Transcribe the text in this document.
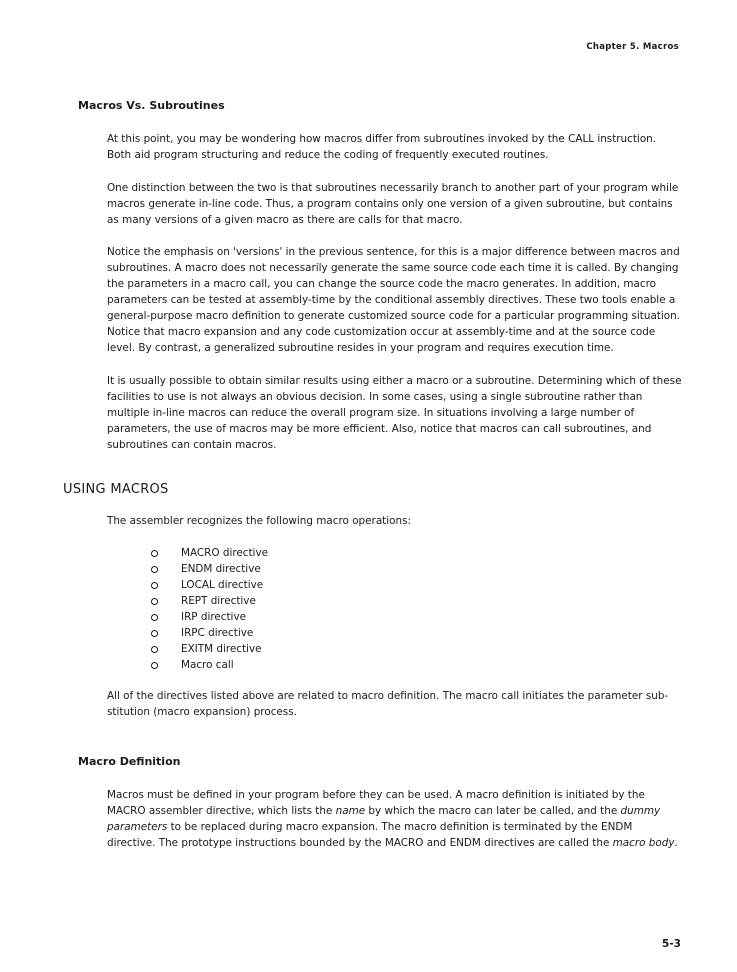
Chapter 5. Macros
Macros Vs. Subroutines

At this point, you may be wondering how macros differ from subroutines invoked by the CALL instruction. Both aid program structuring and reduce the coding of frequently executed routines.

One distinction between the two is that subroutines necessarily branch to another part of your program while macros generate in-line code. Thus, a program contains only one version of a given subroutine, but contains as many versions of a given macro as there are calls for that macro.

Notice the emphasis on 'versions' in the previous sentence, for this is a major difference between macros and subroutines. A macro does not necessarily generate the same source code each time it is called. By changing the parameters in a macro call, you can change the source code the macro generates. In addition, macro parameters can be tested at assembly-time by the conditional assembly directives. These two tools enable a general-purpose macro definition to generate customized source code for a particular programming situation. Notice that macro expansion and any code customization occur at assembly-time and at the source code level. By contrast, a generalized subroutine resides in your program and requires execution time.

It is usually possible to obtain similar results using either a macro or a subroutine. Determining which of these facilities to use is not always an obvious decision. In some cases, using a single subroutine rather than multiple in-line macros can reduce the overall program size. In situations involving a large number of parameters, the use of macros may be more efficient. Also, notice that macros can call subroutines, and subroutines can contain macros.

USING MACROS

The assembler recognizes the following macro operations:

MACRO directive
ENDM directive
LOCAL directive
REPT directive
IRP directive
IRPC directive
EXITM directive
Macro call

All of the directives listed above are related to macro definition. The macro call initiates the parameter sub-stitution (macro expansion) process.

Macro Definition

Macros must be defined in your program before they can be used. A macro definition is initiated by the MACRO assembler directive, which lists the name by which the macro can later be called, and the dummy parameters to be replaced during macro expansion. The macro definition is terminated by the ENDM directive. The prototype instructions bounded by the MACRO and ENDM directives are called the macro body.

5-3
